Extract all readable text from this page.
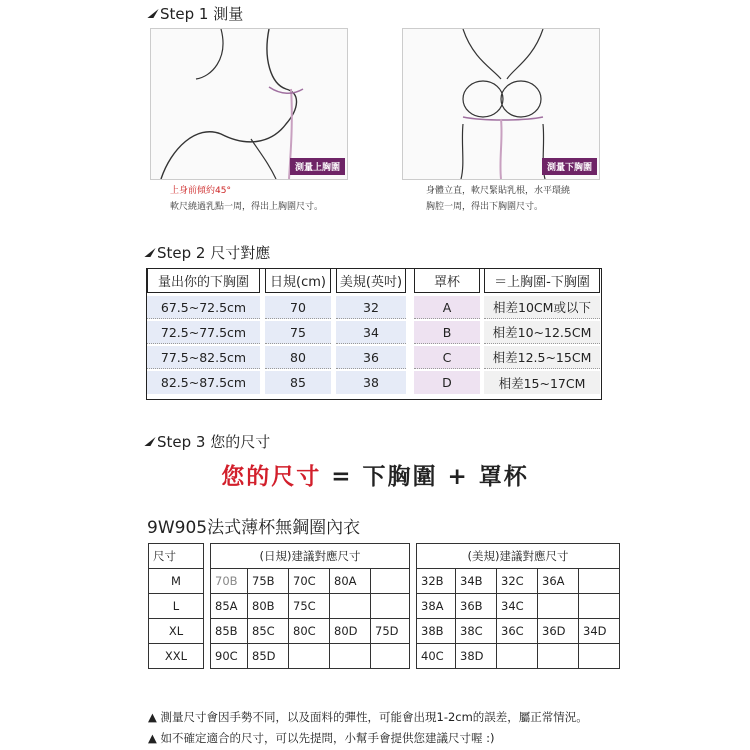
Step 1 測量
測量上胸圍	測量下胸圍
上身前傾約45°
軟尺繞過乳點一周，得出上胸圍尺寸。
身體立直，軟尺緊貼乳根，水平環繞
胸腔一周，得出下胸圍尺寸。
Step 2 尺寸對應
量出你的下胸圍	日規(cm)	美規(英吋)	罩杯	＝上胸圍-下胸圍
67.5~72.5cm	70	32	A	相差10CM或以下
72.5~77.5cm	75	34	B	相差10~12.5CM
77.5~82.5cm	80	36	C	相差12.5~15CM
82.5~87.5cm	85	38	D	相差15~17CM
Step 3 您的尺寸
您的尺寸 = 下胸圍 + 罩杯
9W905法式薄杯無鋼圈內衣
尺寸		(日規)建議對應尺寸						(美規)建議對應尺寸				
M		70B	75B	70C	80A			32B	34B	32C	36A	
L		85A	80B	75C				38A	36B	34C		
XL		85B	85C	80C	80D	75D		38B	38C	36C	36D	34D
XXL		90C	85D					40C	38D			
▲ 測量尺寸會因手勢不同，以及面料的彈性，可能會出現1-2cm的誤差，屬正常情況。
▲ 如不確定適合的尺寸，可以先提問，小幫手會提供您建議尺寸喔 :)
